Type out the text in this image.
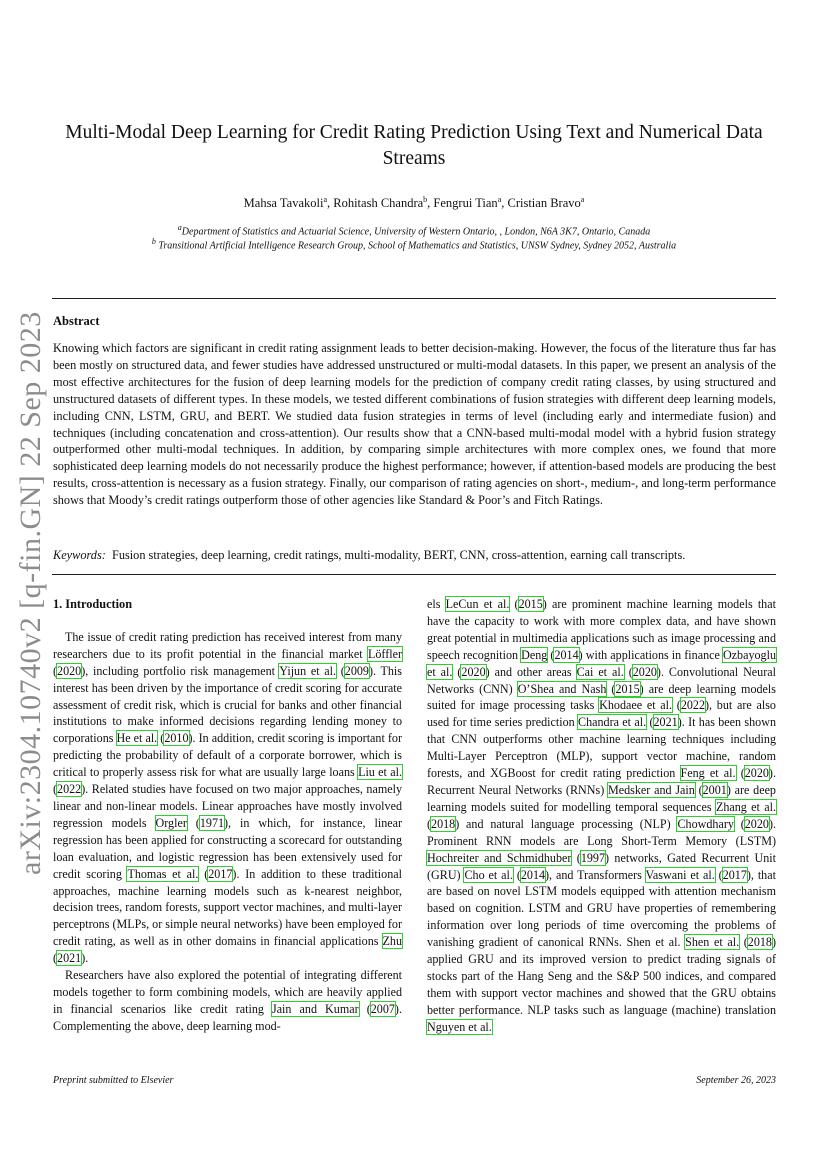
arXiv:2304.10740v2 [q-fin.GN] 22 Sep 2023
Multi-Modal Deep Learning for Credit Rating Prediction Using Text and Numerical Data Streams
Mahsa Tavakoli$^a$, Rohitash Chandra$^b$, Fengrui Tian$^a$, Cristian Bravo$^a$
$^a$Department of Statistics and Actuarial Science, University of Western Ontario, , London, N6A 3K7, Ontario, Canada
$^b$ Transitional Artificial Intelligence Research Group, School of Mathematics and Statistics, UNSW Sydney, Sydney 2052, Australia
Abstract
Knowing which factors are significant in credit rating assignment leads to better decision-making. However, the focus of the literature thus far has been mostly on structured data, and fewer studies have addressed unstructured or multi-modal datasets. In this paper, we present an analysis of the most effective architectures for the fusion of deep learning models for the prediction of company credit rating classes, by using structured and unstructured datasets of different types. In these models, we tested different combinations of fusion strategies with different deep learning models, including CNN, LSTM, GRU, and BERT. We studied data fusion strategies in terms of level (including early and intermediate fusion) and techniques (including concatenation and cross-attention). Our results show that a CNN-based multi-modal model with a hybrid fusion strategy outperformed other multi-modal techniques. In addition, by comparing simple architectures with more complex ones, we found that more sophisticated deep learning models do not necessarily produce the highest performance; however, if attention-based models are producing the best results, cross-attention is necessary as a fusion strategy. Finally, our comparison of rating agencies on short-, medium-, and long-term performance shows that Moody’s credit ratings outperform those of other agencies like Standard & Poor’s and Fitch Ratings.
Keywords: Fusion strategies, deep learning, credit ratings, multi-modality, BERT, CNN, cross-attention, earning call transcripts.
1. Introduction

The issue of credit rating prediction has received interest from many researchers due to its profit potential in the financial market Löffler (2020), including portfolio risk management Yijun et al. (2009). This interest has been driven by the importance of credit scoring for accurate assessment of credit risk, which is crucial for banks and other financial institutions to make informed decisions regarding lending money to corporations He et al. (2010). In addition, credit scoring is important for predicting the probability of default of a corporate borrower, which is critical to properly assess risk for what are usually large loans Liu et al. (2022). Related studies have focused on two major approaches, namely linear and non-linear models. Linear approaches have mostly involved regression models Orgler (1971), in which, for instance, linear regression has been applied for constructing a scorecard for outstanding loan evaluation, and logistic regression has been extensively used for credit scoring Thomas et al. (2017). In addition to these traditional approaches, machine learning models such as k-nearest neighbor, decision trees, random forests, support vector machines, and multi-layer perceptrons (MLPs, or simple neural networks) have been employed for credit rating, as well as in other domains in financial applications Zhu (2021).

Researchers have also explored the potential of integrating different models together to form combining models, which are heavily applied in financial scenarios like credit rating Jain and Kumar (2007). Complementing the above, deep learning mod-

els LeCun et al. (2015) are prominent machine learning models that have the capacity to work with more complex data, and have shown great potential in multimedia applications such as image processing and speech recognition Deng (2014) with applications in finance Ozbayoglu et al. (2020) and other areas Cai et al. (2020). Convolutional Neural Networks (CNN) O’Shea and Nash (2015) are deep learning models suited for image processing tasks Khodaee et al. (2022), but are also used for time series prediction Chandra et al. (2021). It has been shown that CNN outperforms other machine learning techniques including Multi-Layer Perceptron (MLP), support vector machine, random forests, and XGBoost for credit rating prediction Feng et al. (2020). Recurrent Neural Networks (RNNs) Medsker and Jain (2001) are deep learning models suited for modelling temporal sequences Zhang et al. (2018) and natural language processing (NLP) Chowdhary (2020). Prominent RNN models are Long Short-Term Memory (LSTM) Hochreiter and Schmidhuber (1997) networks, Gated Recurrent Unit (GRU) Cho et al. (2014), and Transformers Vaswani et al. (2017), that are based on novel LSTM models equipped with attention mechanism based on cognition. LSTM and GRU have properties of remembering information over long periods of time overcoming the problems of vanishing gradient of canonical RNNs. Shen et al. Shen et al. (2018) applied GRU and its improved version to predict trading signals of stocks part of the Hang Seng and the S&P 500 indices, and compared them with support vector machines and showed that the GRU obtains better performance. NLP tasks such as language (machine) translation Nguyen et al.

Preprint submitted to Elsevier	September 26, 2023
